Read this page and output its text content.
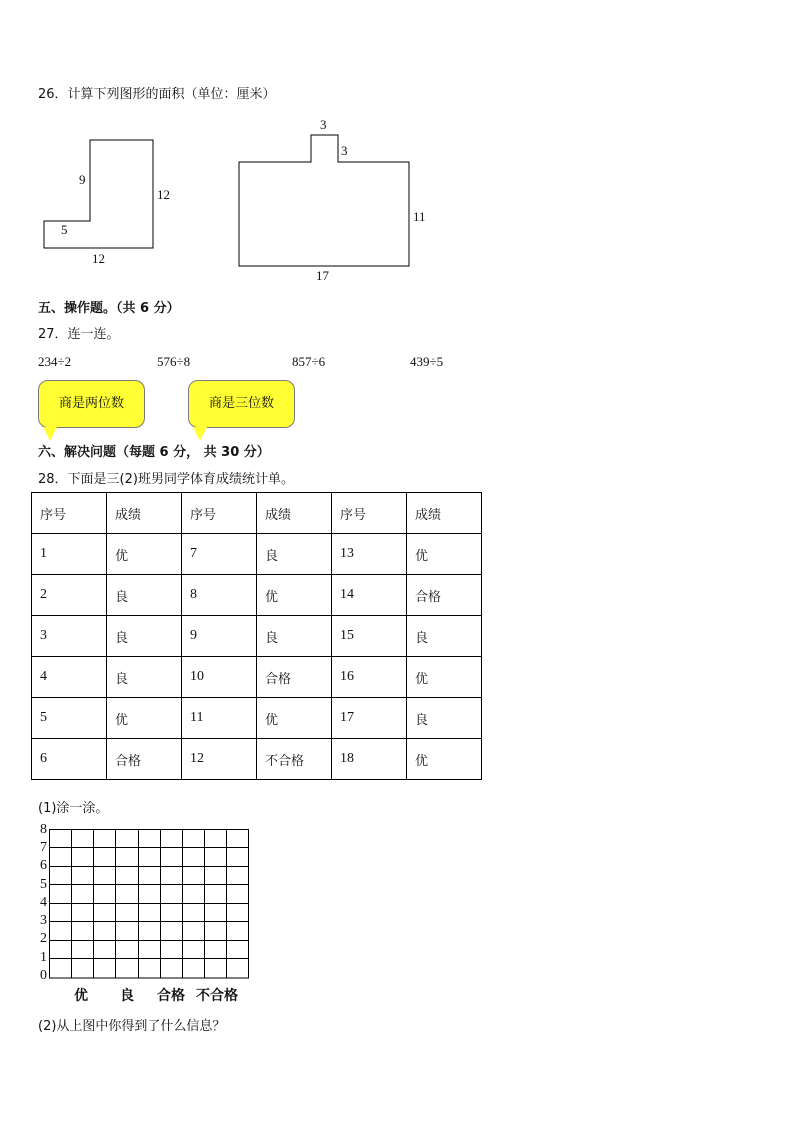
26．计算下列图形的面积（单位：厘米）
9
12
5
12
3
3
11
17
五、操作题。（共 6 分）
27．连一连。
234÷2	576÷8	857÷6	439÷5
商是两位数	商是三位数
六、解决问题（每题 6 分， 共 30 分）
28．下面是三(2)班男同学体育成绩统计单。
序号	成绩	序号	成绩	序号	成绩
1	优	7	良	13	优
2	良	8	优	14	合格
3	良	9	良	15	良
4	良	10	合格	16	优
5	优	11	优	17	良
6	合格	12	不合格	18	优
(1)涂一涂。
8
7
6
5
4
3
2
1
0
优 良 合格 不合格
(2)从上图中你得到了什么信息？
